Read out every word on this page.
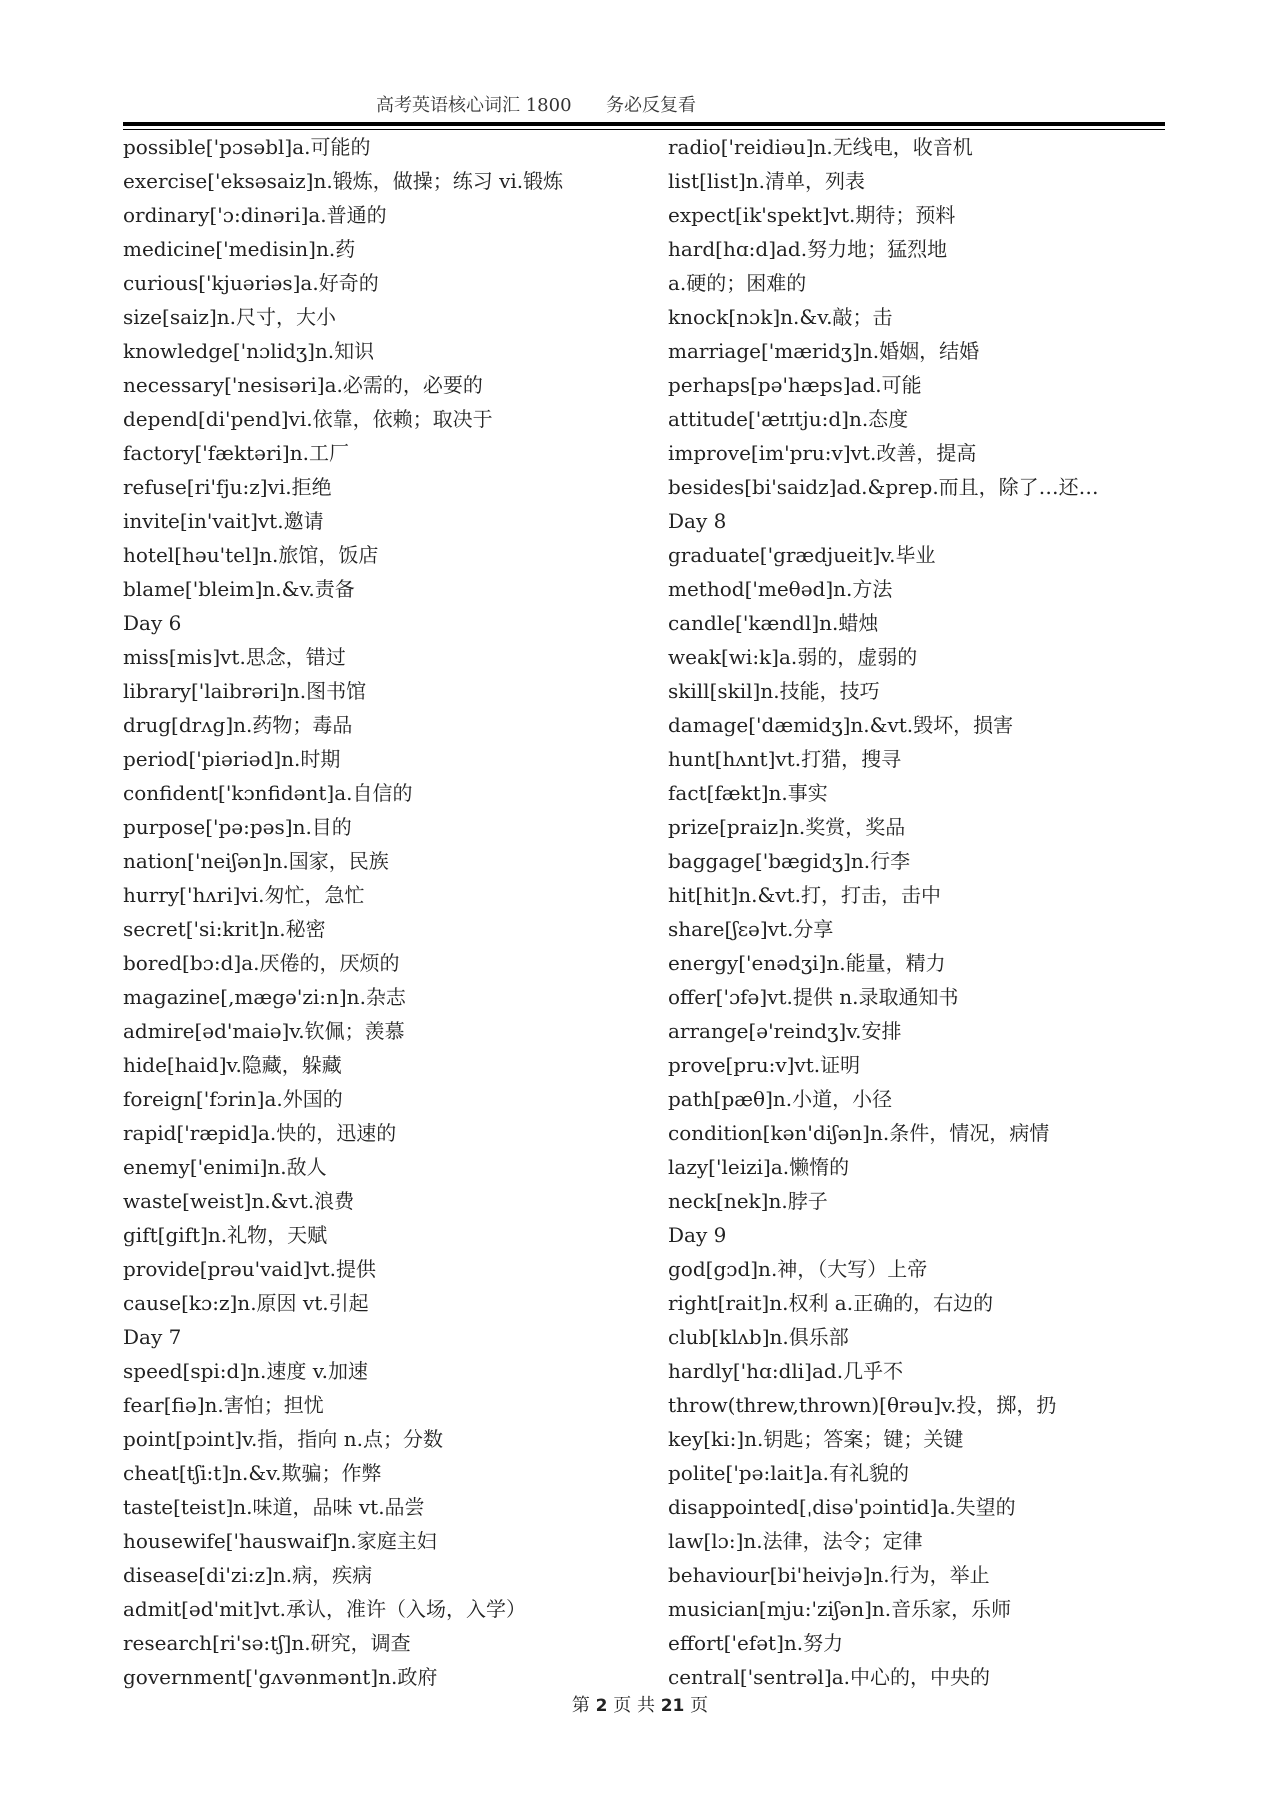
高考英语核心词汇 1800 务必反复看
possible['pɔsəbl]a.可能的
exercise['eksəsaiz]n.锻炼，做操；练习 vi.锻炼
ordinary['ɔ:dinəri]a.普通的
medicine['medisin]n.药
curious['kjuəriəs]a.好奇的
size[saiz]n.尺寸，大小
knowledge['nɔlidʒ]n.知识
necessary['nesisəri]a.必需的，必要的
depend[di'pend]vi.依靠，依赖；取决于
factory['fæktəri]n.工厂
refuse[ri'fju:z]vi.拒绝
invite[in'vait]vt.邀请
hotel[həu'tel]n.旅馆，饭店
blame['bleim]n.&v.责备
Day 6
miss[mis]vt.思念，错过
library['laibrəri]n.图书馆
drug[drʌg]n.药物；毒品
period['piəriəd]n.时期
confident['kɔnfidənt]a.自信的
purpose['pə:pəs]n.目的
nation['neiʃən]n.国家，民族
hurry['hʌri]vi.匆忙，急忙
secret['si:krit]n.秘密
bored[bɔ:d]a.厌倦的，厌烦的
magazine[,mægə'zi:n]n.杂志
admire[əd'maiə]v.钦佩；羡慕
hide[haid]v.隐藏，躲藏
foreign['fɔrin]a.外国的
rapid['ræpid]a.快的，迅速的
enemy['enimi]n.敌人
waste[weist]n.&vt.浪费
gift[gift]n.礼物，天赋
provide[prəu'vaid]vt.提供
cause[kɔ:z]n.原因 vt.引起
Day 7
speed[spi:d]n.速度 v.加速
fear[fiə]n.害怕；担忧
point[pɔint]v.指，指向 n.点；分数
cheat[tʃi:t]n.&v.欺骗；作弊
taste[teist]n.味道，品味 vt.品尝
housewife['hauswaif]n.家庭主妇
disease[di'zi:z]n.病，疾病
admit[əd'mit]vt.承认，准许（入场，入学）
research[ri'sə:tʃ]n.研究，调查
government['gʌvənmənt]n.政府
radio['reidiəu]n.无线电，收音机
list[list]n.清单，列表
expect[ik'spekt]vt.期待；预料
hard[hɑ:d]ad.努力地；猛烈地
a.硬的；困难的
knock[nɔk]n.&v.敲；击
marriage['mæridʒ]n.婚姻，结婚
perhaps[pə'hæps]ad.可能
attitude['ætɪtju:d]n.态度
improve[im'pru:v]vt.改善，提高
besides[bi'saidz]ad.&prep.而且，除了…还…
Day 8
graduate['grædjueit]v.毕业
method['meθəd]n.方法
candle['kændl]n.蜡烛
weak[wi:k]a.弱的，虚弱的
skill[skil]n.技能，技巧
damage['dæmidʒ]n.&vt.毁坏，损害
hunt[hʌnt]vt.打猎，搜寻
fact[fækt]n.事实
prize[praiz]n.奖赏，奖品
baggage['bægidʒ]n.行李
hit[hit]n.&vt.打，打击，击中
share[ʃɛə]vt.分享
energy['enədʒi]n.能量，精力
offer['ɔfə]vt.提供 n.录取通知书
arrange[ə'reindʒ]v.安排
prove[pru:v]vt.证明
path[pæθ]n.小道，小径
condition[kən'diʃən]n.条件，情况，病情
lazy['leizi]a.懒惰的
neck[nek]n.脖子
Day 9
god[gɔd]n.神，（大写）上帝
right[rait]n.权利 a.正确的，右边的
club[klʌb]n.俱乐部
hardly['hɑ:dli]ad.几乎不
throw(threw,thrown)[θrəu]v.投，掷，扔
key[ki:]n.钥匙；答案；键；关键
polite['pə:lait]a.有礼貌的
disappointed[ˌdisəˈpɔintid]a.失望的
law[lɔ:]n.法律，法令；定律
behaviour[bi'heivjə]n.行为，举止
musician[mju:'ziʃən]n.音乐家，乐师
effort['efət]n.努力
central['sentrəl]a.中心的，中央的
第 2 页 共 21 页
